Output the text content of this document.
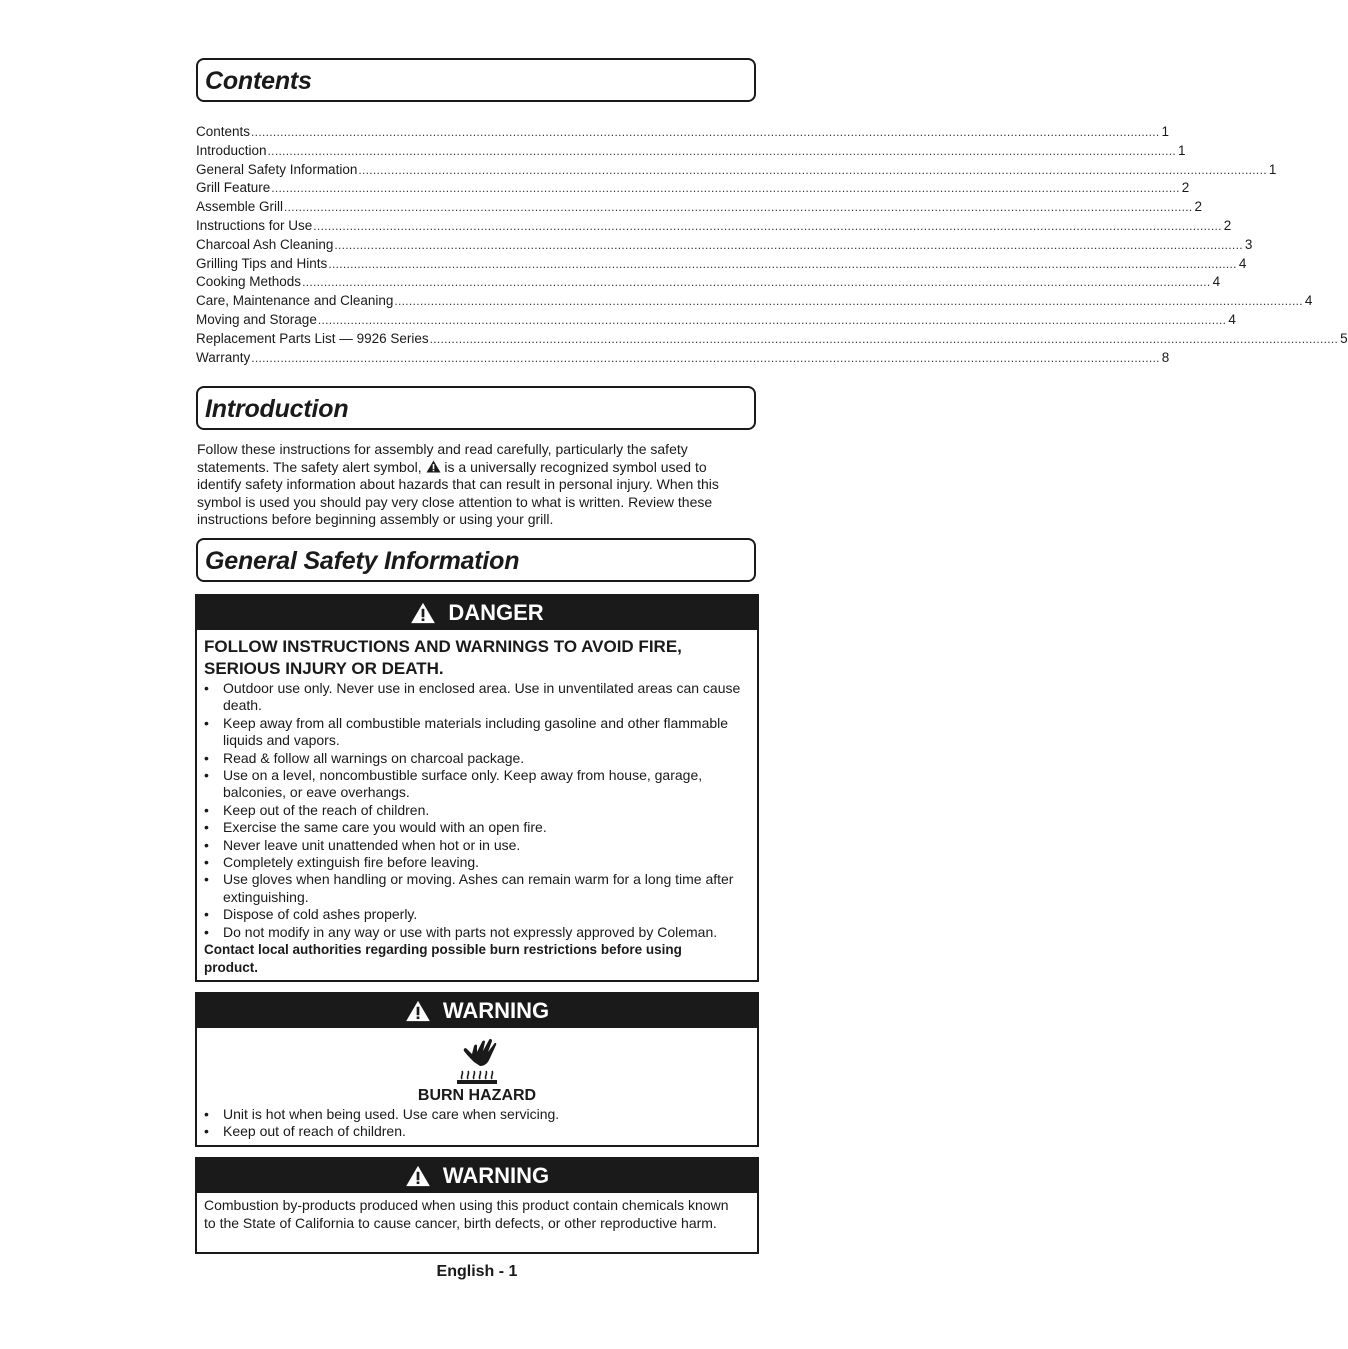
Contents
Contents .......................................................................................................................................................................................................................................................... 1
Introduction .......................................................................................................................................................................................................................................................... 1
General Safety Information .......................................................................................................................................................................................................................................................... 1
Grill Feature .......................................................................................................................................................................................................................................................... 2
Assemble Grill .......................................................................................................................................................................................................................................................... 2
Instructions for Use .......................................................................................................................................................................................................................................................... 2
Charcoal Ash Cleaning .......................................................................................................................................................................................................................................................... 3
Grilling Tips and Hints .......................................................................................................................................................................................................................................................... 4
Cooking Methods .......................................................................................................................................................................................................................................................... 4
Care, Maintenance and Cleaning .......................................................................................................................................................................................................................................................... 4
Moving and Storage .......................................................................................................................................................................................................................................................... 4
Replacement Parts List — 9926 Series .......................................................................................................................................................................................................................................................... 5
Warranty .......................................................................................................................................................................................................................................................... 8
Introduction

Follow these instructions for assembly and read carefully, particularly the safety statements. The safety alert symbol,  is a universally recognized symbol used to identify safety information about hazards that can result in personal injury. When this symbol is used you should pay very close attention to what is written. Review these instructions before beginning assembly or using your grill.

General Safety Information
DANGER
FOLLOW INSTRUCTIONS AND WARNINGS TO AVOID FIRE, SERIOUS INJURY OR DEATH.
• Outdoor use only. Never use in enclosed area. Use in unventilated areas can cause death.
• Keep away from all combustible materials including gasoline and other flammable liquids and vapors.
• Read & follow all warnings on charcoal package.
• Use on a level, noncombustible surface only. Keep away from house, garage, balconies, or eave overhangs.
• Keep out of the reach of children.
• Exercise the same care you would with an open fire.
• Never leave unit unattended when hot or in use.
• Completely extinguish fire before leaving.
• Use gloves when handling or moving. Ashes can remain warm for a long time after extinguishing.
• Dispose of cold ashes properly.
• Do not modify in any way or use with parts not expressly approved by Coleman.

Contact local authorities regarding possible burn restrictions before using product.

WARNING
BURN HAZARD
• Unit is hot when being used. Use care when servicing.
• Keep out of reach of children.
WARNING

Combustion by-products produced when using this product contain chemicals known to the State of California to cause cancer, birth defects, or other reproductive harm.

English - 1
